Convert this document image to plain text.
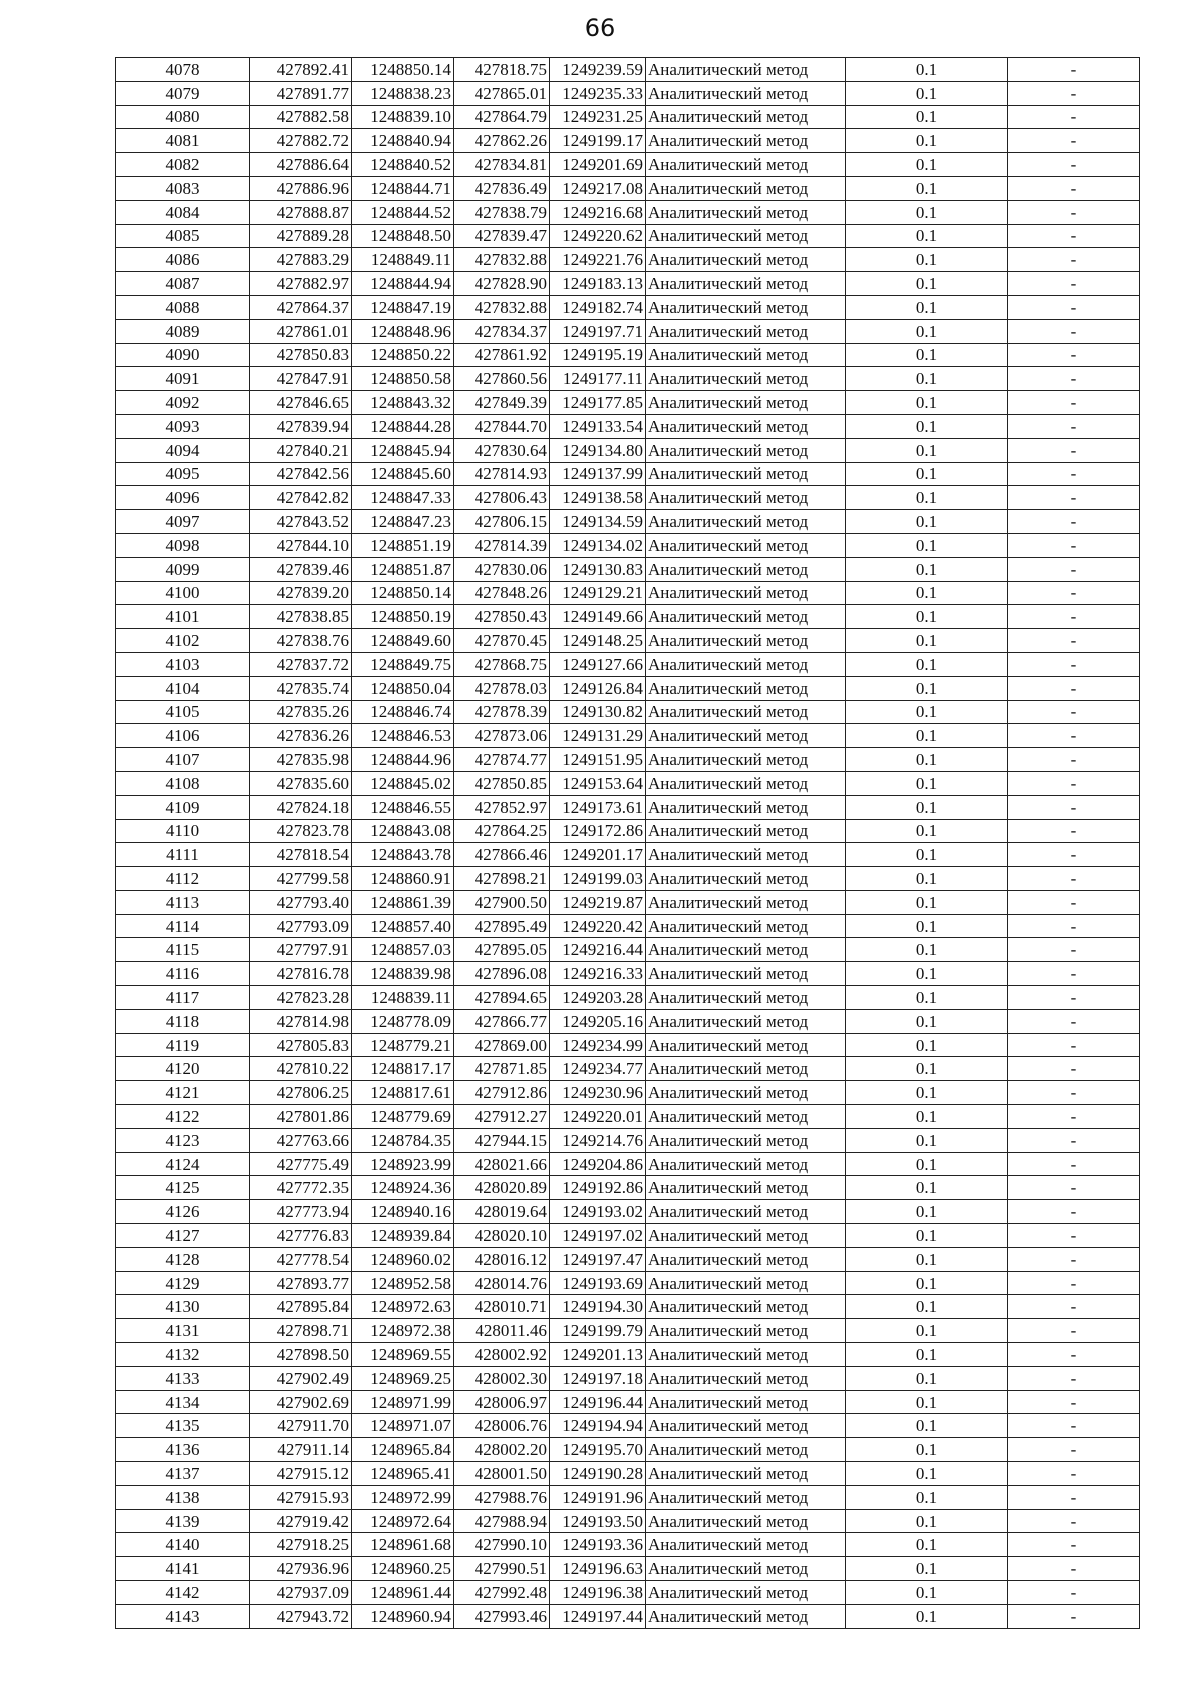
66
4078	427892.41	1248850.14	427818.75	1249239.59	Аналитический метод	0.1	-
4079	427891.77	1248838.23	427865.01	1249235.33	Аналитический метод	0.1	-
4080	427882.58	1248839.10	427864.79	1249231.25	Аналитический метод	0.1	-
4081	427882.72	1248840.94	427862.26	1249199.17	Аналитический метод	0.1	-
4082	427886.64	1248840.52	427834.81	1249201.69	Аналитический метод	0.1	-
4083	427886.96	1248844.71	427836.49	1249217.08	Аналитический метод	0.1	-
4084	427888.87	1248844.52	427838.79	1249216.68	Аналитический метод	0.1	-
4085	427889.28	1248848.50	427839.47	1249220.62	Аналитический метод	0.1	-
4086	427883.29	1248849.11	427832.88	1249221.76	Аналитический метод	0.1	-
4087	427882.97	1248844.94	427828.90	1249183.13	Аналитический метод	0.1	-
4088	427864.37	1248847.19	427832.88	1249182.74	Аналитический метод	0.1	-
4089	427861.01	1248848.96	427834.37	1249197.71	Аналитический метод	0.1	-
4090	427850.83	1248850.22	427861.92	1249195.19	Аналитический метод	0.1	-
4091	427847.91	1248850.58	427860.56	1249177.11	Аналитический метод	0.1	-
4092	427846.65	1248843.32	427849.39	1249177.85	Аналитический метод	0.1	-
4093	427839.94	1248844.28	427844.70	1249133.54	Аналитический метод	0.1	-
4094	427840.21	1248845.94	427830.64	1249134.80	Аналитический метод	0.1	-
4095	427842.56	1248845.60	427814.93	1249137.99	Аналитический метод	0.1	-
4096	427842.82	1248847.33	427806.43	1249138.58	Аналитический метод	0.1	-
4097	427843.52	1248847.23	427806.15	1249134.59	Аналитический метод	0.1	-
4098	427844.10	1248851.19	427814.39	1249134.02	Аналитический метод	0.1	-
4099	427839.46	1248851.87	427830.06	1249130.83	Аналитический метод	0.1	-
4100	427839.20	1248850.14	427848.26	1249129.21	Аналитический метод	0.1	-
4101	427838.85	1248850.19	427850.43	1249149.66	Аналитический метод	0.1	-
4102	427838.76	1248849.60	427870.45	1249148.25	Аналитический метод	0.1	-
4103	427837.72	1248849.75	427868.75	1249127.66	Аналитический метод	0.1	-
4104	427835.74	1248850.04	427878.03	1249126.84	Аналитический метод	0.1	-
4105	427835.26	1248846.74	427878.39	1249130.82	Аналитический метод	0.1	-
4106	427836.26	1248846.53	427873.06	1249131.29	Аналитический метод	0.1	-
4107	427835.98	1248844.96	427874.77	1249151.95	Аналитический метод	0.1	-
4108	427835.60	1248845.02	427850.85	1249153.64	Аналитический метод	0.1	-
4109	427824.18	1248846.55	427852.97	1249173.61	Аналитический метод	0.1	-
4110	427823.78	1248843.08	427864.25	1249172.86	Аналитический метод	0.1	-
4111	427818.54	1248843.78	427866.46	1249201.17	Аналитический метод	0.1	-
4112	427799.58	1248860.91	427898.21	1249199.03	Аналитический метод	0.1	-
4113	427793.40	1248861.39	427900.50	1249219.87	Аналитический метод	0.1	-
4114	427793.09	1248857.40	427895.49	1249220.42	Аналитический метод	0.1	-
4115	427797.91	1248857.03	427895.05	1249216.44	Аналитический метод	0.1	-
4116	427816.78	1248839.98	427896.08	1249216.33	Аналитический метод	0.1	-
4117	427823.28	1248839.11	427894.65	1249203.28	Аналитический метод	0.1	-
4118	427814.98	1248778.09	427866.77	1249205.16	Аналитический метод	0.1	-
4119	427805.83	1248779.21	427869.00	1249234.99	Аналитический метод	0.1	-
4120	427810.22	1248817.17	427871.85	1249234.77	Аналитический метод	0.1	-
4121	427806.25	1248817.61	427912.86	1249230.96	Аналитический метод	0.1	-
4122	427801.86	1248779.69	427912.27	1249220.01	Аналитический метод	0.1	-
4123	427763.66	1248784.35	427944.15	1249214.76	Аналитический метод	0.1	-
4124	427775.49	1248923.99	428021.66	1249204.86	Аналитический метод	0.1	-
4125	427772.35	1248924.36	428020.89	1249192.86	Аналитический метод	0.1	-
4126	427773.94	1248940.16	428019.64	1249193.02	Аналитический метод	0.1	-
4127	427776.83	1248939.84	428020.10	1249197.02	Аналитический метод	0.1	-
4128	427778.54	1248960.02	428016.12	1249197.47	Аналитический метод	0.1	-
4129	427893.77	1248952.58	428014.76	1249193.69	Аналитический метод	0.1	-
4130	427895.84	1248972.63	428010.71	1249194.30	Аналитический метод	0.1	-
4131	427898.71	1248972.38	428011.46	1249199.79	Аналитический метод	0.1	-
4132	427898.50	1248969.55	428002.92	1249201.13	Аналитический метод	0.1	-
4133	427902.49	1248969.25	428002.30	1249197.18	Аналитический метод	0.1	-
4134	427902.69	1248971.99	428006.97	1249196.44	Аналитический метод	0.1	-
4135	427911.70	1248971.07	428006.76	1249194.94	Аналитический метод	0.1	-
4136	427911.14	1248965.84	428002.20	1249195.70	Аналитический метод	0.1	-
4137	427915.12	1248965.41	428001.50	1249190.28	Аналитический метод	0.1	-
4138	427915.93	1248972.99	427988.76	1249191.96	Аналитический метод	0.1	-
4139	427919.42	1248972.64	427988.94	1249193.50	Аналитический метод	0.1	-
4140	427918.25	1248961.68	427990.10	1249193.36	Аналитический метод	0.1	-
4141	427936.96	1248960.25	427990.51	1249196.63	Аналитический метод	0.1	-
4142	427937.09	1248961.44	427992.48	1249196.38	Аналитический метод	0.1	-
4143	427943.72	1248960.94	427993.46	1249197.44	Аналитический метод	0.1	-
